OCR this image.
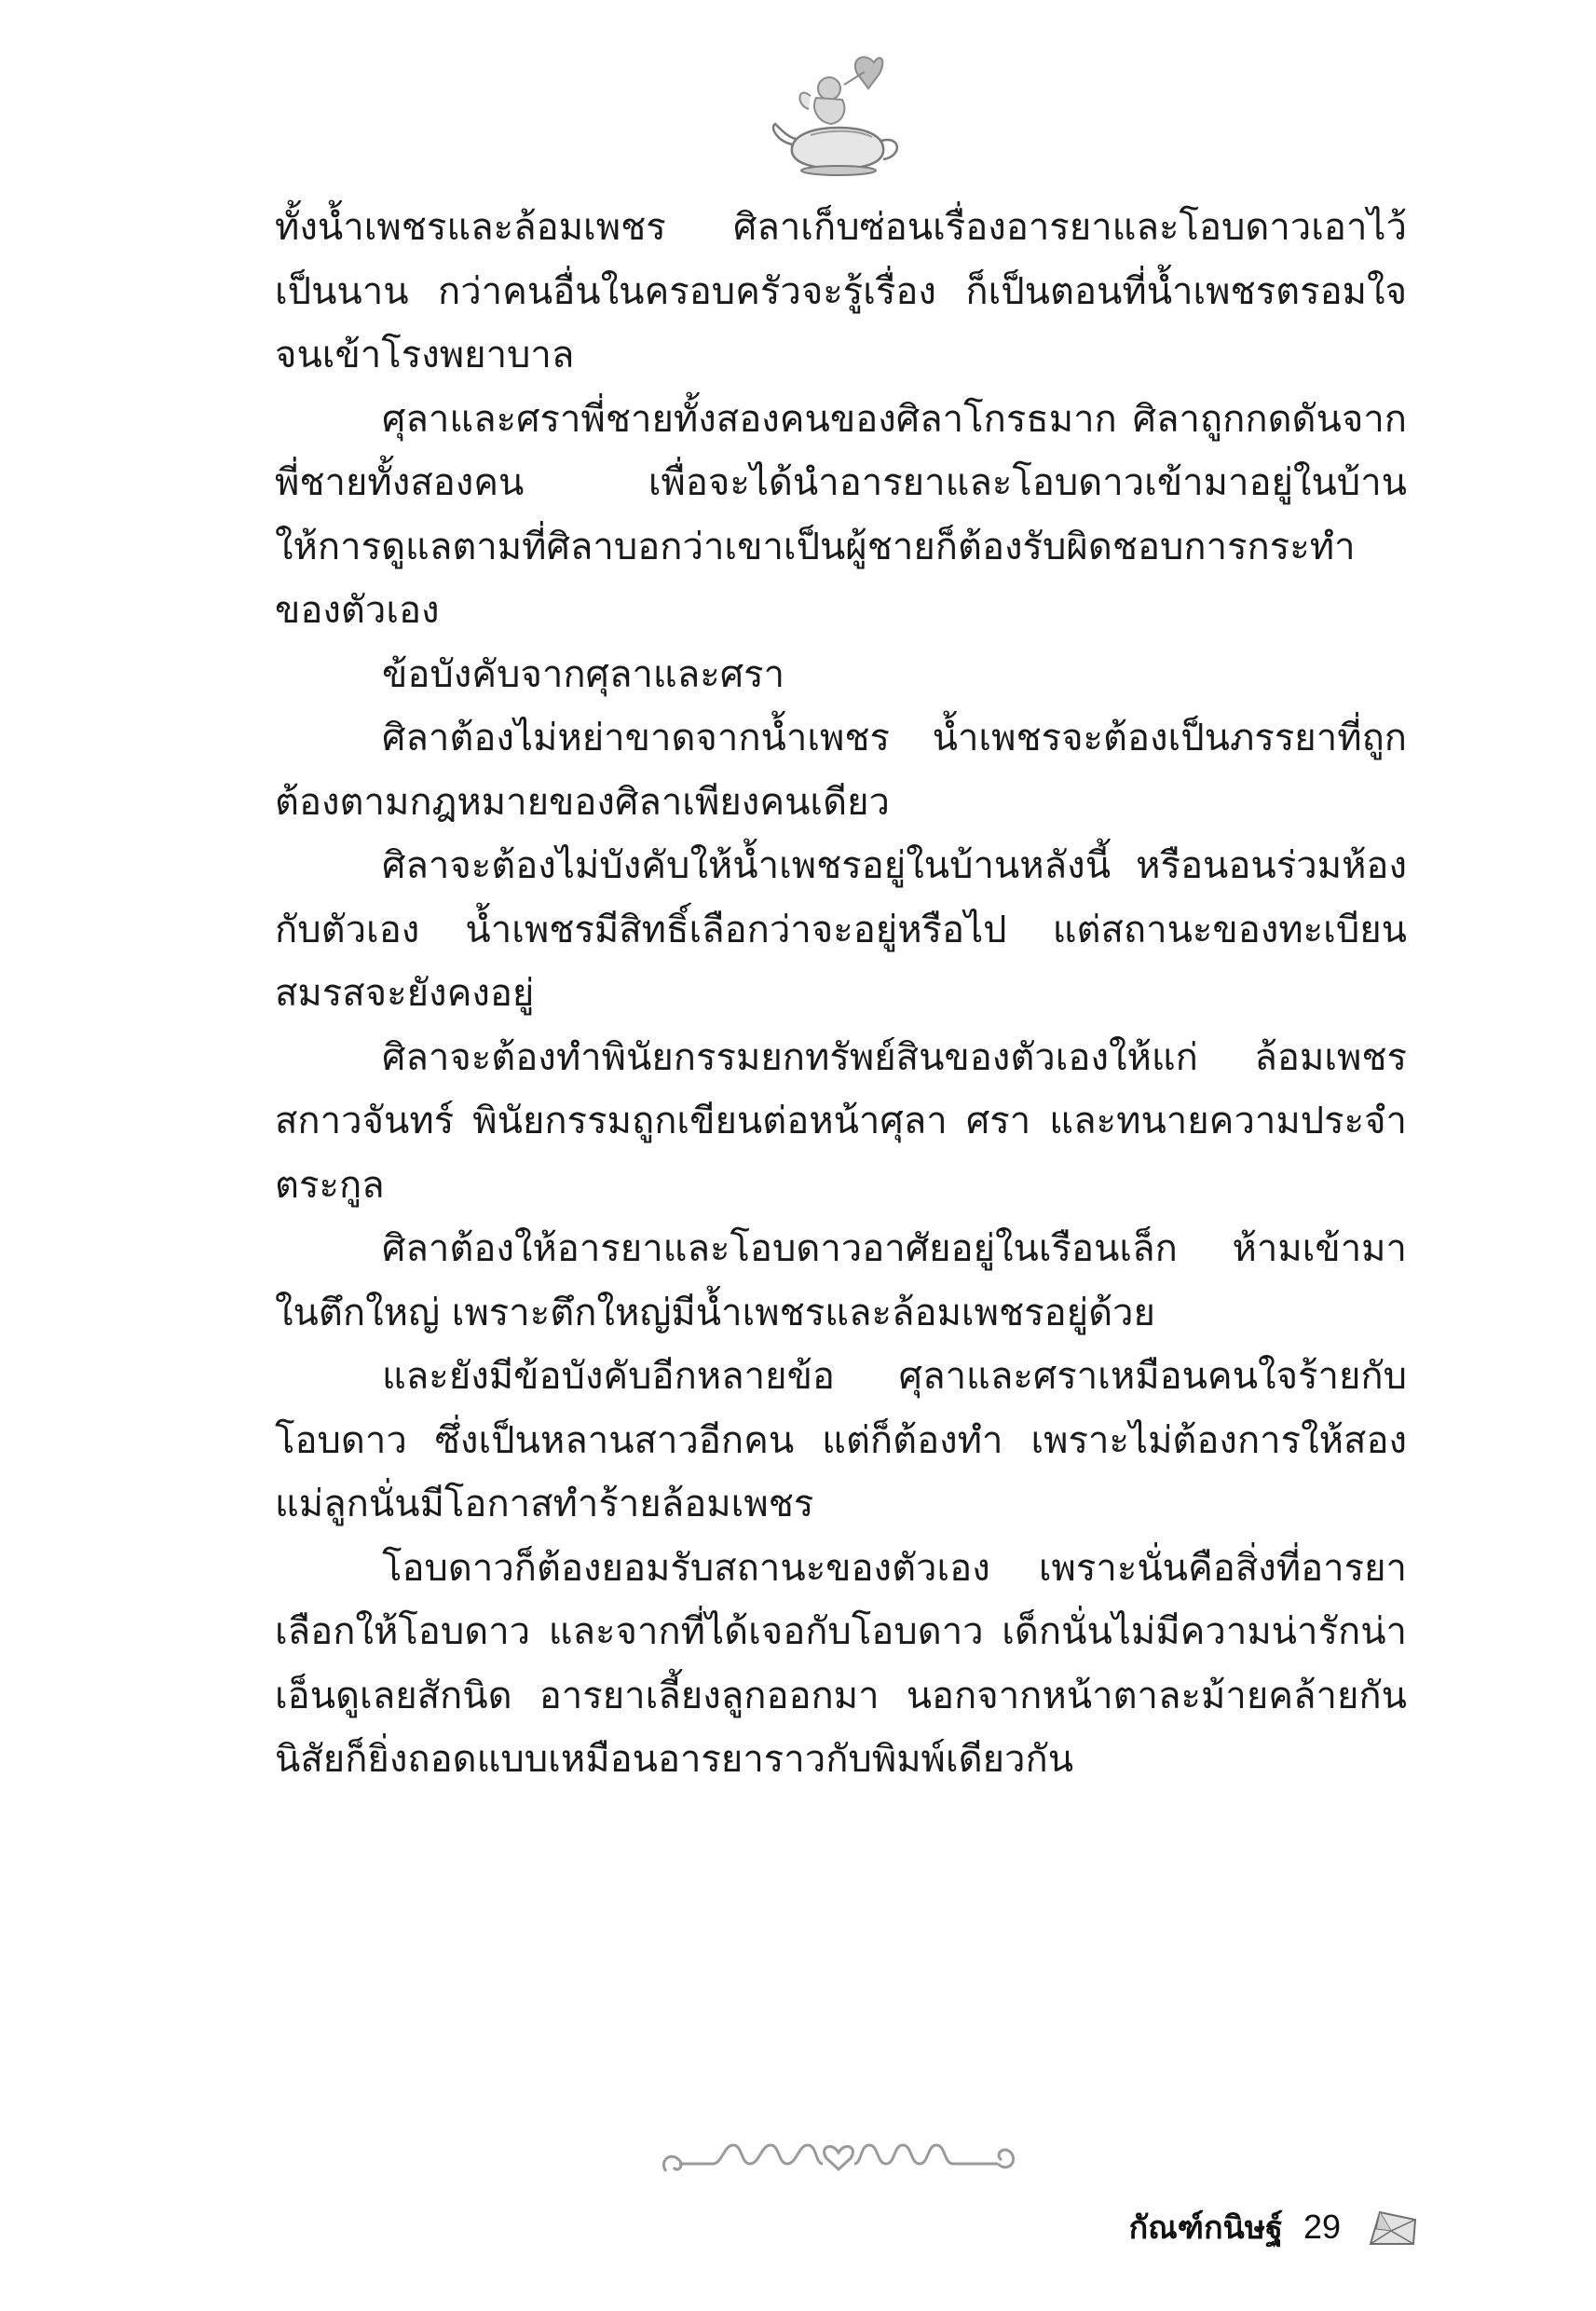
ทั้งน้ำเพชรและล้อมเพชร ศิลาเก็บซ่อนเรื่องอารยาและโอบดาวเอาไว้เป็นนาน กว่าคนอื่นในครอบครัวจะรู้เรื่อง ก็เป็นตอนที่น้ำเพชรตรอมใจจนเข้าโรงพยาบาล

ศุลาและศราพี่ชายทั้งสองคนของศิลาโกรธมาก ศิลาถูกกดดันจากพี่ชายทั้งสองคน เพื่อจะได้นำอารยาและโอบดาวเข้ามาอยู่ในบ้าน ให้การดูแลตามที่ศิลาบอกว่าเขาเป็นผู้ชายก็ต้องรับผิดชอบการกระทำของตัวเอง

ข้อบังคับจากศุลาและศรา

ศิลาต้องไม่หย่าขาดจากน้ำเพชร น้ำเพชรจะต้องเป็นภรรยาที่ถูกต้องตามกฎหมายของศิลาเพียงคนเดียว

ศิลาจะต้องไม่บังคับให้น้ำเพชรอยู่ในบ้านหลังนี้ หรือนอนร่วมห้องกับตัวเอง น้ำเพชรมีสิทธิ์เลือกว่าจะอยู่หรือไป แต่สถานะของทะเบียนสมรสจะยังคงอยู่

ศิลาจะต้องทำพินัยกรรมยกทรัพย์สินของตัวเองให้แก่ ล้อมเพชร สกาวจันทร์ พินัยกรรมถูกเขียนต่อหน้าศุลา ศรา และทนายความประจำตระกูล

ศิลาต้องให้อารยาและโอบดาวอาศัยอยู่ในเรือนเล็ก ห้ามเข้ามาในตึกใหญ่ เพราะตึกใหญ่มีน้ำเพชรและล้อมเพชรอยู่ด้วย

และยังมีข้อบังคับอีกหลายข้อ ศุลาและศราเหมือนคนใจร้ายกับโอบดาว ซึ่งเป็นหลานสาวอีกคน แต่ก็ต้องทำ เพราะไม่ต้องการให้สองแม่ลูกนั่นมีโอกาสทำร้ายล้อมเพชร

โอบดาวก็ต้องยอมรับสถานะของตัวเอง เพราะนั่นคือสิ่งที่อารยาเลือกให้โอบดาว และจากที่ได้เจอกับโอบดาว เด็กนั่นไม่มีความน่ารักน่าเอ็นดูเลยสักนิด อารยาเลี้ยงลูกออกมา นอกจากหน้าตาละม้ายคล้ายกัน นิสัยก็ยิ่งถอดแบบเหมือนอารยาราวกับพิมพ์เดียวกัน

กัณฑ์กนิษฐ์ 29
